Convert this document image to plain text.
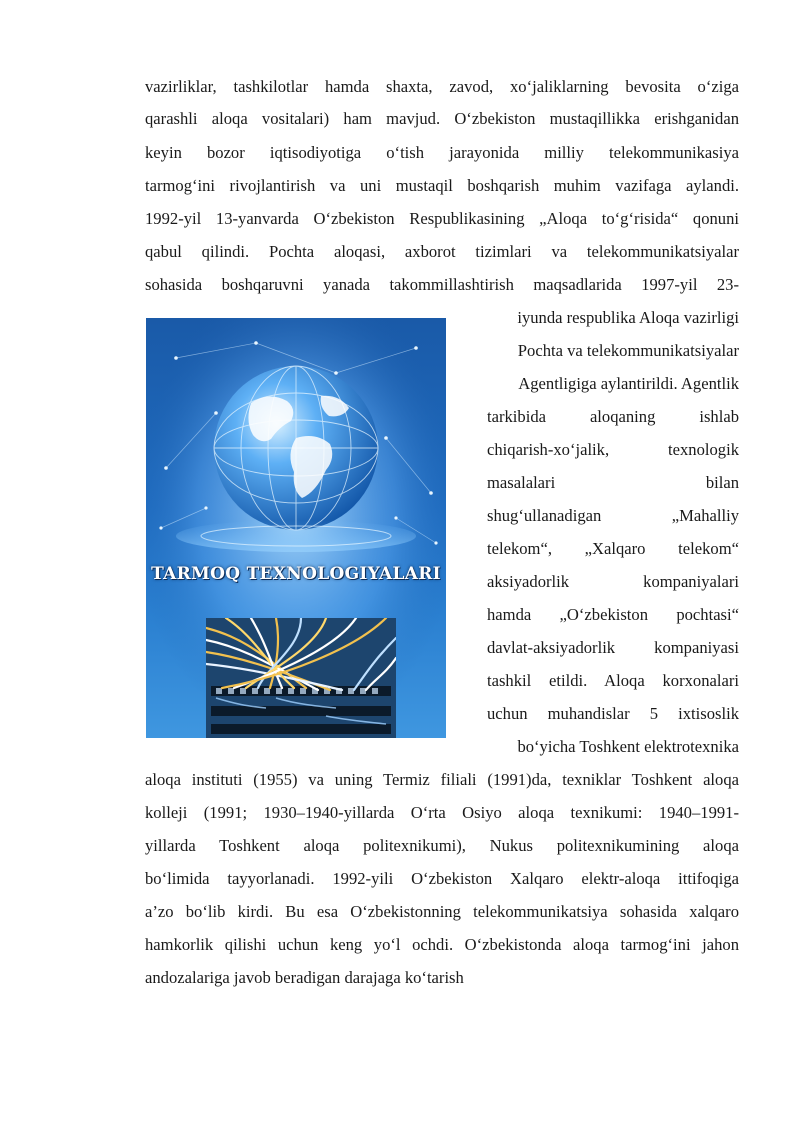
vazirliklar, tashkilotlar hamda shaxta, zavod, xo‘jaliklarning bevosita o‘ziga
qarashli aloqa vositalari) ham mavjud. O‘zbekiston mustaqillikka erishganidan
keyin bozor iqtisodiyotiga o‘tish jarayonida milliy telekommunikasiya
tarmog‘ini rivojlantirish va uni mustaqil boshqarish muhim vazifaga aylandi.
1992-yil 13-yanvarda O‘zbekiston Respublikasining „Aloqa to‘g‘risida“ qonuni
qabul qilindi. Pochta aloqasi, axborot tizimlari va telekommunikatsiyalar
sohasida boshqaruvni yanada takommillashtirish maqsadlarida 1997-yil 23-
iyunda respublika Aloqa vazirligi
Pochta va telekommunikatsiyalar
Agentligiga aylantirildi. Agentlik
tarkibida aloqaning ishlab
chiqarish-xo‘jalik, texnologik
masalalari bilan
shug‘ullanadigan „Mahalliy
telekom“, „Xalqaro telekom“
aksiyadorlik kompaniyalari
hamda „O‘zbekiston pochtasi“
davlat-aksiyadorlik kompaniyasi
tashkil etildi. Aloqa korxonalari
uchun muhandislar 5 ixtisoslik
bo‘yicha Toshkent elektrotexnika
aloqa instituti (1955) va uning Termiz filiali (1991)da, texniklar Toshkent aloqa
kolleji (1991; 1930–1940-yillarda O‘rta Osiyo aloqa texnikumi: 1940–1991-
yillarda Toshkent aloqa politexnikumi), Nukus politexnikumining aloqa
bo‘limida tayyorlanadi. 1992-yili O‘zbekiston Xalqaro elektr-aloqa ittifoqiga
a’zo bo‘lib kirdi. Bu esa O‘zbekistonning telekommunikatsiya sohasida xalqaro
hamkorlik qilishi uchun keng yo‘l ochdi. O‘zbekistonda aloqa tarmog‘ini jahon
andozalariga javob beradigan darajaga ko‘tarish
TARMOQ TEXNOLOGIYALARI
